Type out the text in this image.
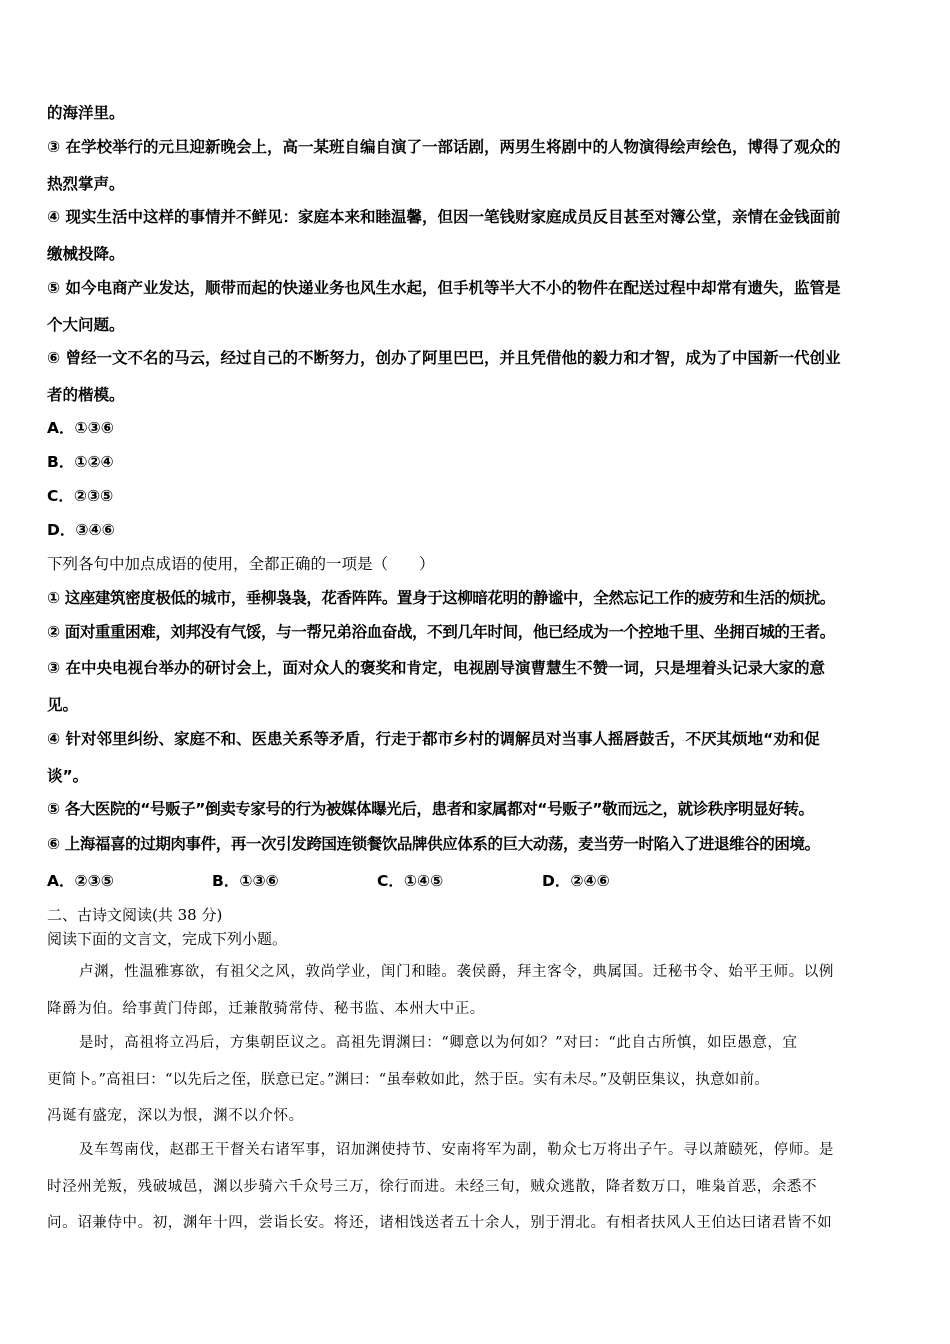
的海洋里。
③ 在学校举行的元旦迎新晚会上，高一某班自编自演了一部话剧，两男生将剧中的人物演得绘声绘色，博得了观众的
热烈掌声。
④ 现实生活中这样的事情并不鲜见：家庭本来和睦温馨，但因一笔钱财家庭成员反目甚至对簿公堂，亲情在金钱面前
缴械投降。
⑤ 如今电商产业发达，顺带而起的快递业务也风生水起，但手机等半大不小的物件在配送过程中却常有遗失，监管是
个大问题。
⑥ 曾经一文不名的马云，经过自己的不断努力，创办了阿里巴巴，并且凭借他的毅力和才智，成为了中国新一代创业
者的楷模。
A．①③⑥
B．①②④
C．②③⑤
D．③④⑥
下列各句中加点成语的使用，全都正确的一项是（　　）
① 这座建筑密度极低的城市，垂柳袅袅，花香阵阵。置身于这柳暗花明的静谧中，全然忘记工作的疲劳和生活的烦扰。
② 面对重重困难，刘邦没有气馁，与一帮兄弟浴血奋战，不到几年时间，他已经成为一个控地千里、坐拥百城的王者。
③ 在中央电视台举办的研讨会上，面对众人的褒奖和肯定，电视剧导演曹慧生不赞一词，只是埋着头记录大家的意
见。
④ 针对邻里纠纷、家庭不和、医患关系等矛盾，行走于都市乡村的调解员对当事人摇唇鼓舌，不厌其烦地“劝和促
谈”。
⑤ 各大医院的“号贩子”倒卖专家号的行为被媒体曝光后，患者和家属都对“号贩子”敬而远之，就诊秩序明显好转。
⑥ 上海福喜的过期肉事件，再一次引发跨国连锁餐饮品牌供应体系的巨大动荡，麦当劳一时陷入了进退维谷的困境。
A．②③⑤	B．①③⑥	C．①④⑤	D．②④⑥
二、古诗文阅读(共 38 分)
阅读下面的文言文，完成下列小题。
卢渊，性温雅寡欲，有祖父之风，敦尚学业，闺门和睦。袭侯爵，拜主客令，典属国。迁秘书令、始平王师。以例
降爵为伯。给事黄门侍郎，迁兼散骑常侍、秘书监、本州大中正。
是时，高祖将立冯后，方集朝臣议之。高祖先谓渊曰：“卿意以为何如？”对曰：“此自古所慎，如臣愚意，宜
更简卜。”高祖曰：“以先后之侄，朕意已定。”渊曰：“虽奉敕如此，然于臣。实有未尽。”及朝臣集议，执意如前。
冯诞有盛宠，深以为恨，渊不以介怀。
及车驾南伐，赵郡王干督关右诸军事，诏加渊使持节、安南将军为副，勒众七万将出子午。寻以萧赜死，停师。是
时泾州羌叛，残破城邑，渊以步骑六千众号三万，徐行而进。未经三旬，贼众逃散，降者数万口，唯枭首恶，余悉不
问。诏兼侍中。初，渊年十四，尝诣长安。将还，诸相饯送者五十余人，别于渭北。有相者扶风人王伯达曰诸君皆不如
